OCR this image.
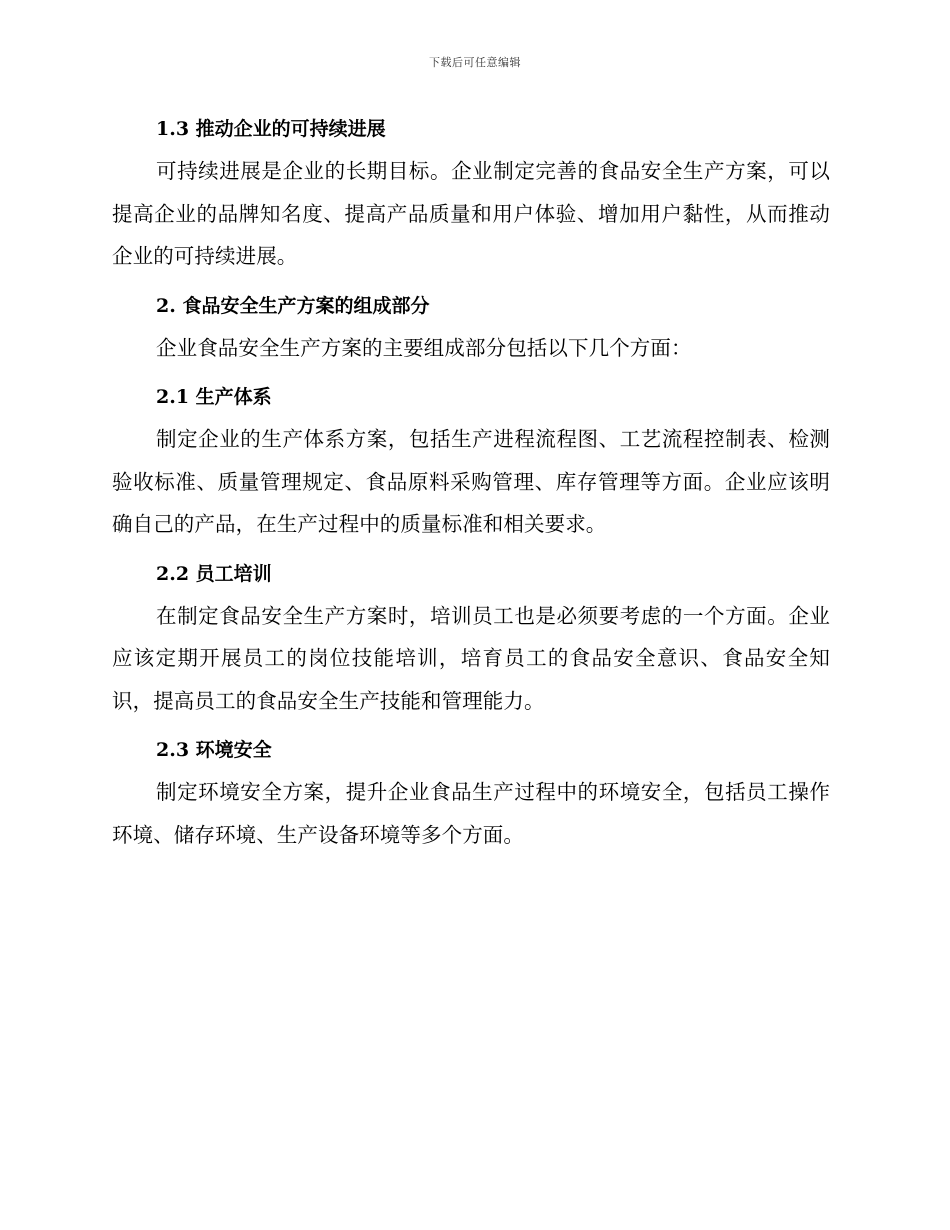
下载后可任意编辑
1.3 推动企业的可持续进展

可持续进展是企业的长期目标。企业制定完善的食品安全生产方案，可以提高企业的品牌知名度、提高产品质量和用户体验、增加用户黏性，从而推动企业的可持续进展。

2. 食品安全生产方案的组成部分

企业食品安全生产方案的主要组成部分包括以下几个方面：

2.1 生产体系

制定企业的生产体系方案，包括生产进程流程图、工艺流程控制表、检测验收标准、质量管理规定、食品原料采购管理、库存管理等方面。企业应该明确自己的产品，在生产过程中的质量标准和相关要求。

2.2 员工培训

在制定食品安全生产方案时，培训员工也是必须要考虑的一个方面。企业应该定期开展员工的岗位技能培训，培育员工的食品安全意识、食品安全知识，提高员工的食品安全生产技能和管理能力。

2.3 环境安全

制定环境安全方案，提升企业食品生产过程中的环境安全，包括员工操作环境、储存环境、生产设备环境等多个方面。
